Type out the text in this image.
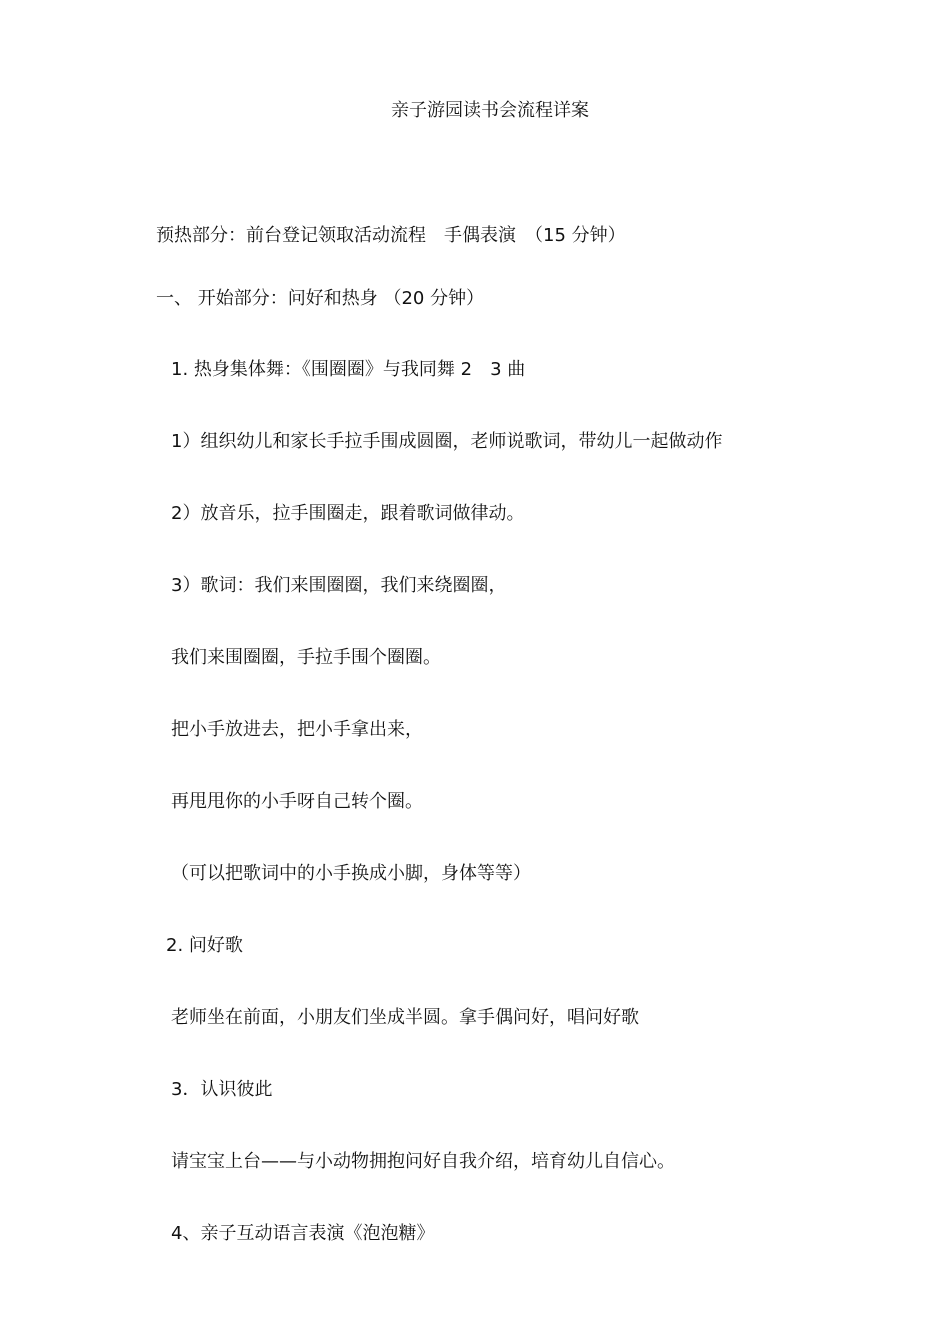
亲子游园读书会流程详案
预热部分：前台登记领取活动流程　手偶表演　（15 分钟）
一、 开始部分：问好和热身 （20 分钟）
1. 热身集体舞：《围圈圈》与我同舞 2　3 曲
1）组织幼儿和家长手拉手围成圆圈，老师说歌词，带幼儿一起做动作
2）放音乐，拉手围圈走，跟着歌词做律动。
3）歌词：我们来围圈圈，我们来绕圈圈，
我们来围圈圈，手拉手围个圈圈。
把小手放进去，把小手拿出来，
再甩甩你的小手呀自己转个圈。
（可以把歌词中的小手换成小脚，身体等等）
2. 问好歌
老师坐在前面，小朋友们坐成半圆。拿手偶问好，唱问好歌
3．认识彼此
请宝宝上台——与小动物拥抱问好自我介绍，培育幼儿自信心。
4、亲子互动语言表演《泡泡糖》
